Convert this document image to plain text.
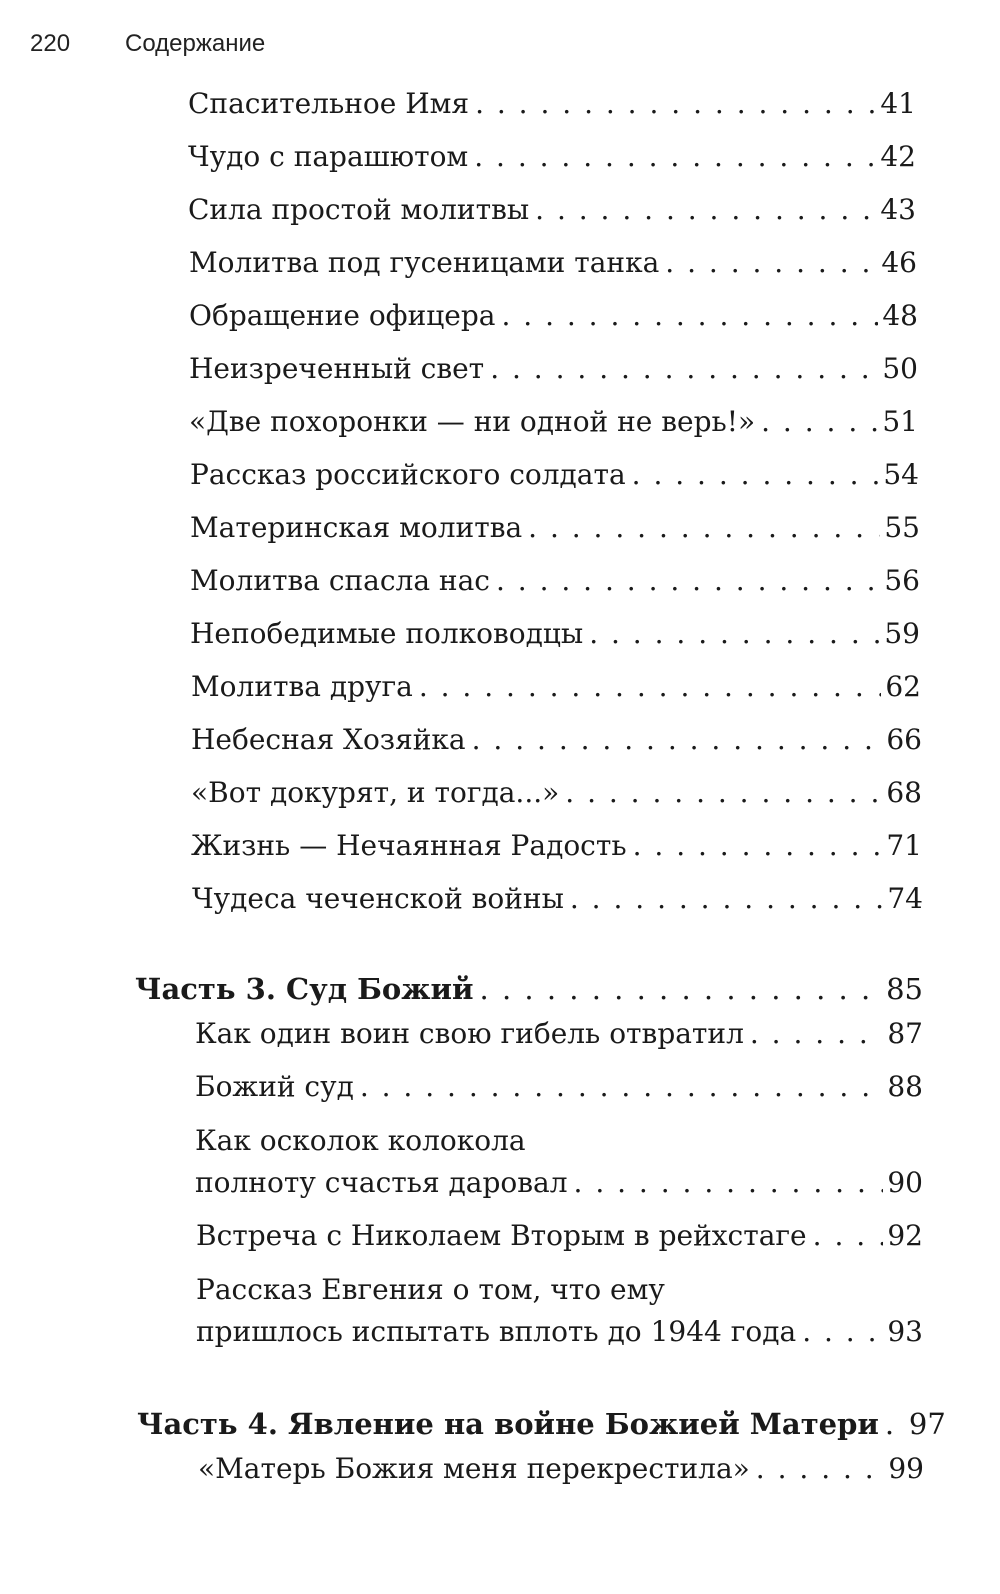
220 Содержание
Спасительное Имя . . .	41
Чудо с парашютом . . .	42
Сила простой молитвы . . .	43
Молитва под гусеницами танка . . .	46
Обращение офицера . . .	48
Неизреченный свет . . .	50
«Две похоронки — ни одной не верь!» . . .	51
Рассказ российского солдата . . .	54
Материнская молитва . . .	55
Молитва спасла нас . . .	56
Непобедимые полководцы . . .	59
Молитва друга . . .	62
Небесная Хозяйка . . .	66
«Вот докурят, и тогда...» . . .	68
Жизнь — Нечаянная Радость . . .	71
Чудеса чеченской войны . . .	74
Часть 3. Суд Божий . . .	85
Как один воин свою гибель отвратил . . .	87
Божий суд . . .	88
Как осколок колокола
полноту счастья даровал . . .	90
Встреча с Николаем Вторым в рейхстаге . . .	92
Рассказ Евгения о том, что ему
пришлось испытать вплоть до 1944 года . . .	93
Часть 4. Явление на войне Божией Матери . . . 97
«Матерь Божия меня перекрестила» . . .	99
